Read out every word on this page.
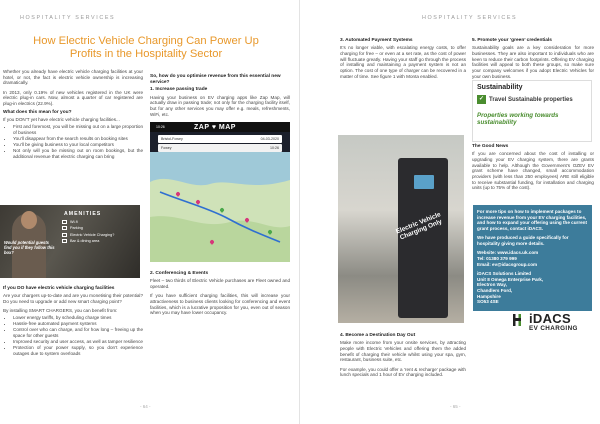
HOSPITALITY SERVICES
How Electric Vehicle Charging Can Power Up Profits in the Hospitality Sector

Whether you already have electric vehicle charging facilities at your hotel, or not, the fact is electric vehicle ownership is increasing dramatically.

In 2013, only 0.19% of new vehicles registered in the UK were electric plug-in cars. Now, almost a quarter of car registered are plug-in electrics (22.9%).

What does this mean for you?

If you DON’T yet have electric vehicle charging facilities...

• First and foremost, you will be missing out on a large proportion of business
• You’ll disappear from the search results on booking sites
• You’ll be giving business to your local competitors
• Not only will you be missing out on room bookings, but the additional revenue that electric charging can bring
AMENITIES
Wi-fi
Parking
Electric Vehicle Charging?
Bar & dining area
Would potential guests find you if they follow this box?
If you DO have electric vehicle charging facilities

Are your chargers up-to-date and are you monetising their potential? Do you need to upgrade or add new smart charging point?

By installing SMART CHARGERS, you can benefit from:

• Lower energy tariffs, by scheduling charge times
• Hassle-free automated payment systems
• Control over who can charge, and for how long – freeing up the space for other guests
• Improved security and user access, as well as tamper resilience
• Protection of your power supply, so you don’t experience outages due to system overloads
So, how do you optimise revenue from this essential new service?
1. Increase passing trade

Having your business on EV charging apps like Zap Map, will actually draw in passing trade; not only for the charging facility itself, but for any other services you may offer e.g. meals, refreshments, WiFi, etc.

10:26	ZAP ♥ MAP
Bristol-Fowey	04-03-2020
Fowey	10:26
2. Conferencing & Events

Fleet – two thirds of Electric Vehicle purchases are Fleet owned and operated.

If you have sufficient charging facilities, this will increase your attractiveness to business clients looking for conferencing and event facilities, which is a lucrative proposition for you, even out of season when you may have lower occupancy.

- 64 -
HOSPITALITY SERVICES
3. Automated Payment Systems

It’s no longer viable, with escalating energy costs, to offer charging for free – or even at a set rate, as the cost of power will fluctuate greatly. Having your staff go through the process of installing and maintaining a payment system is not an option. The cost of one type of charger can be recovered in a matter of time. See figure 1 with Monta enabled.

Electric Vehicle Charging Only
4. Become a Destination Day Out

Make more income from your onsite services, by attracting people with Electric Vehicles and offering them the added benefit of charging their vehicle whilst using your spa, gym, restaurant, business suite, etc.

For example, you could offer a ‘rent & recharge’ package with lunch specials and 1 hour of EV charging included.

5. Promote your ‘green’ credentials

Sustainability goals are a key consideration for more businesses. They are also important to individuals who are keen to reduce their carbon footprints. Offering EV charging facilities will appeal to both these groups, so make sure your company welcomes if you adopt Electric Vehicles for your own business.

Sustainability
✓ Travel Sustainable properties
Properties working towards sustainability
The Good News

If you are concerned about the cost of installing or upgrading your EV charging system, there are grants available to help. Although the Government’s OZEV EV grant scheme have changed, small accommodation providers (with less than 250 employees) ARE still eligible to receive substantial funding, for installation and charging units (up to 75% of the cost).

For more tips on how to implement packages to increase revenue from your EV charging facilities, and how to expand your offering using the current grant process, contact iDACS.

We have produced a guide specifically for hospitality giving more details.

Website: www.idacs.uk.com
Tel: 01380 379 999
Email: ev@idacsgroup.com
iDACS Solutions Limited
Unit 8 Omega Enterprise Park,
Electron Way,
Chandlers Ford,
Hampshire
SO53 4SE
iDACS
EV CHARGING
- 65 -
